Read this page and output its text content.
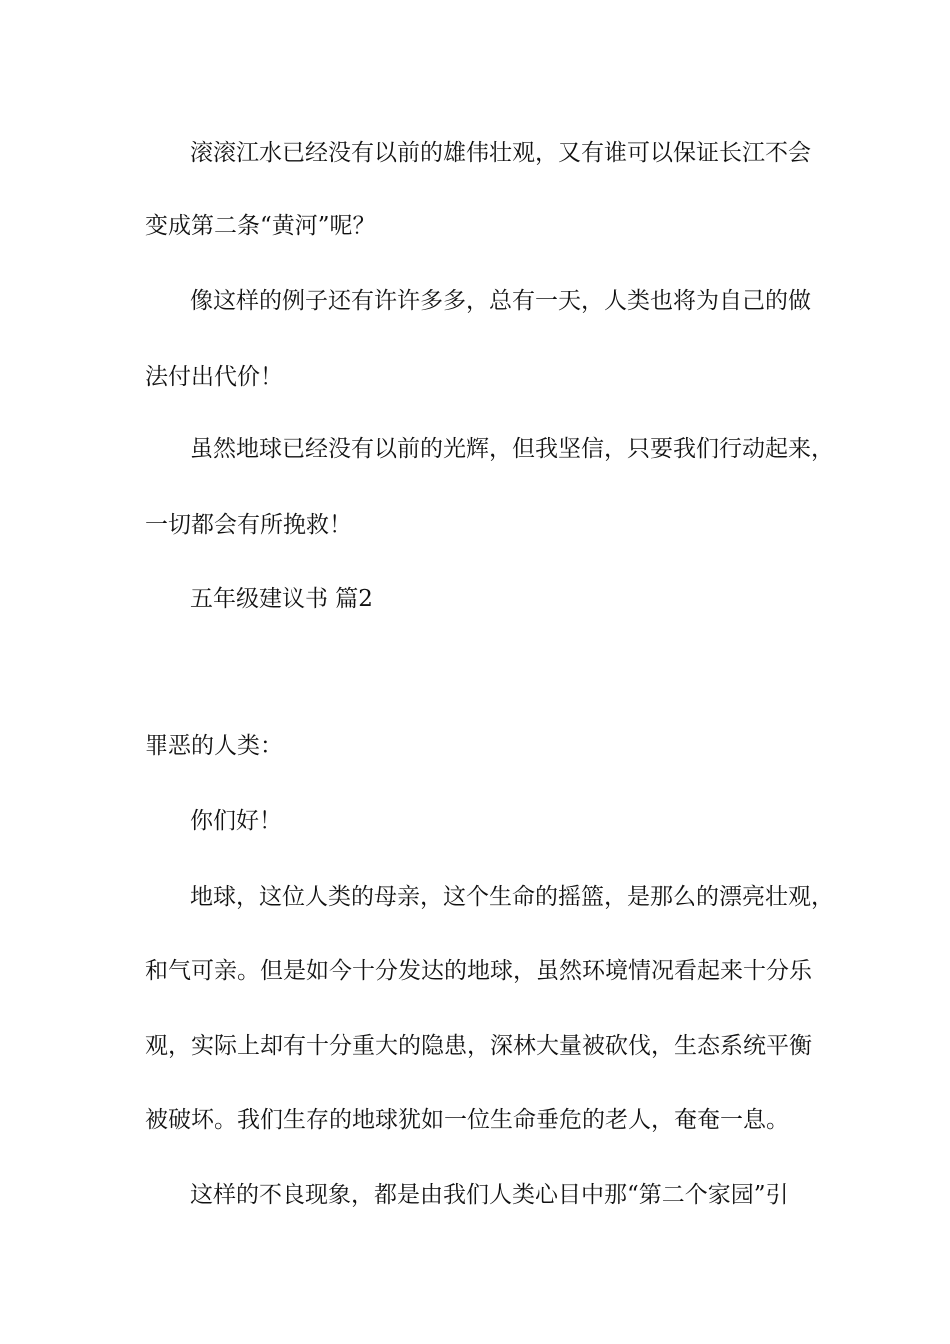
滚滚江水已经没有以前的雄伟壮观，又有谁可以保证长江不会

变成第二条“黄河”呢？

像这样的例子还有许许多多，总有一天，人类也将为自己的做

法付出代价！

虽然地球已经没有以前的光辉，但我坚信，只要我们行动起来，

一切都会有所挽救！

五年级建议书 篇2

罪恶的人类：

你们好！

地球，这位人类的母亲，这个生命的摇篮，是那么的漂亮壮观，

和气可亲。但是如今十分发达的地球，虽然环境情况看起来十分乐

观，实际上却有十分重大的隐患，深林大量被砍伐，生态系统平衡

被破坏。我们生存的地球犹如一位生命垂危的老人，奄奄一息。

这样的不良现象，都是由我们人类心目中那“第二个家园”引
